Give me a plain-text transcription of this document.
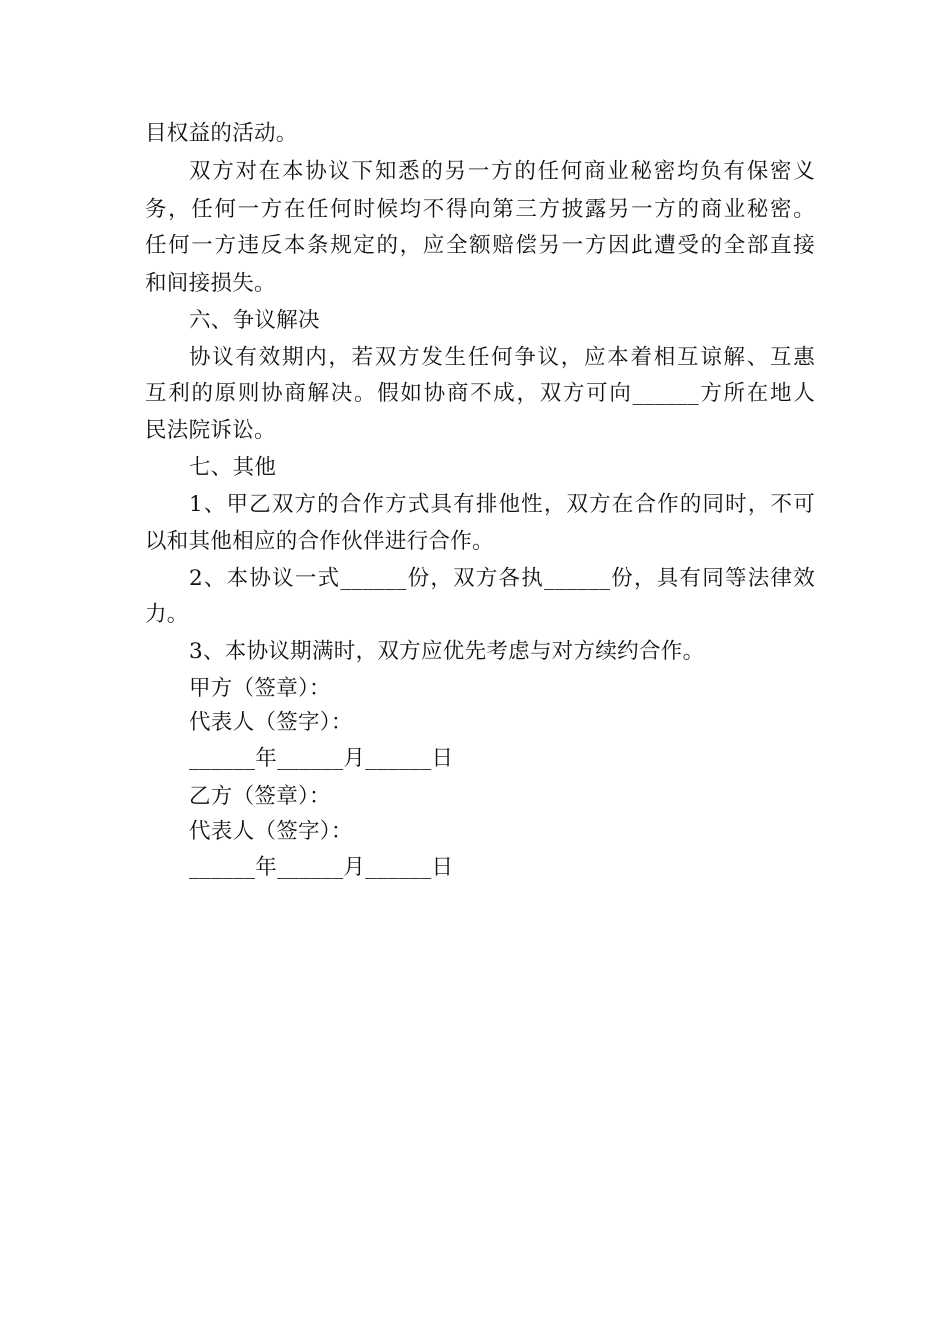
目权益的活动。
双方对在本协议下知悉的另一方的任何商业秘密均负有保密义
务，任何一方在任何时候均不得向第三方披露另一方的商业秘密。
任何一方违反本条规定的，应全额赔偿另一方因此遭受的全部直接
和间接损失。
六、争议解决
协议有效期内，若双方发生任何争议，应本着相互谅解、互惠
互利的原则协商解决。假如协商不成，双方可向______方所在地人
民法院诉讼。
七、其他
1、甲乙双方的合作方式具有排他性，双方在合作的同时，不可
以和其他相应的合作伙伴进行合作。
2、本协议一式______份，双方各执______份，具有同等法律效
力。
3、本协议期满时，双方应优先考虑与对方续约合作。
甲方（签章）：
代表人（签字）：
______年______月______日
乙方（签章）：
代表人（签字）：
______年______月______日
